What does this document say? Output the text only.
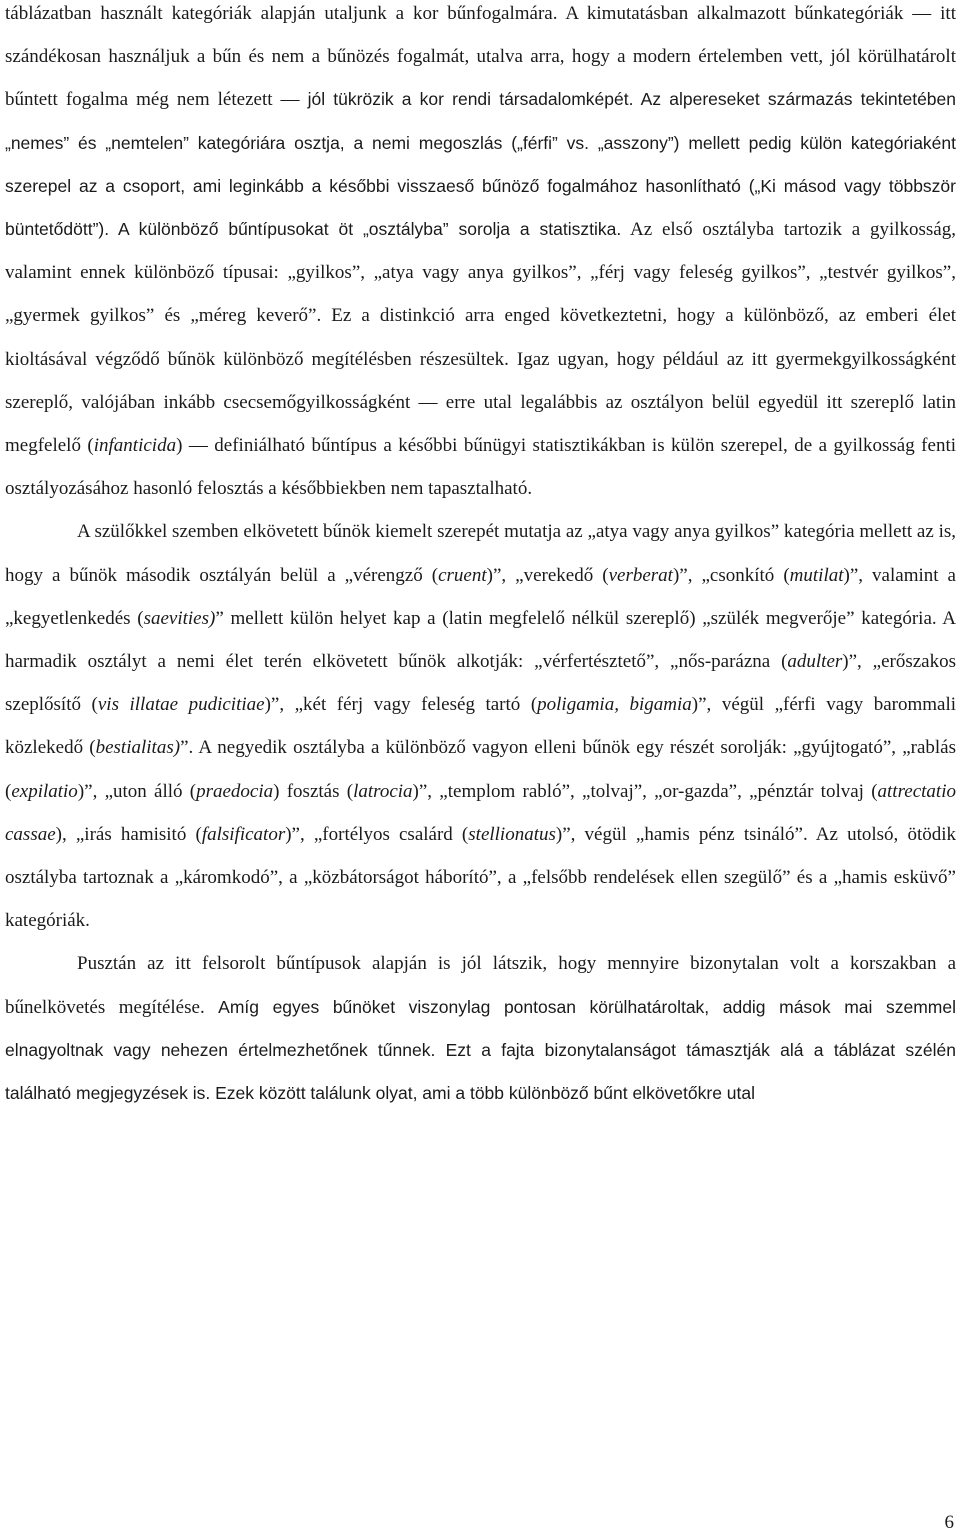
táblázatban használt kategóriák alapján utaljunk a kor bűnfogalmára. A kimutatásban alkalmazott bűnkategóriák — itt szándékosan használjuk a bűn és nem a bűnözés fogalmát, utalva arra, hogy a modern értelemben vett, jól körülhatárolt bűntett fogalma még nem létezett — jól tükrözik a kor rendi társadalomképét. Az alpereseket származás tekintetében „nemes” és „nemtelen” kategóriára osztja, a nemi megoszlás („férfi” vs. „asszony”) mellett pedig külön kategóriaként szerepel az a csoport, ami leginkább a későbbi visszaeső bűnöző fogalmához hasonlítható („Ki másod vagy többször büntetődött”). A különböző bűntípusokat öt „osztályba” sorolja a statisztika. Az első osztályba tartozik a gyilkosság, valamint ennek különböző típusai: „gyilkos”, „atya vagy anya gyilkos”, „férj vagy feleség gyilkos”, „testvér gyilkos”, „gyermek gyilkos” és „méreg keverő”. Ez a distinkció arra enged következtetni, hogy a különböző, az emberi élet kioltásával végződő bűnök különböző megítélésben részesültek. Igaz ugyan, hogy például az itt gyermekgyilkosságként szereplő, valójában inkább csecsemőgyilkosságként — erre utal legalábbis az osztályon belül egyedül itt szereplő latin megfelelő (infanticida) — definiálható bűntípus a későbbi bűnügyi statisztikákban is külön szerepel, de a gyilkosság fenti osztályozásához hasonló felosztás a későbbiekben nem tapasztalható.

A szülőkkel szemben elkövetett bűnök kiemelt szerepét mutatja az „atya vagy anya gyilkos” kategória mellett az is, hogy a bűnök második osztályán belül a „vérengző (cruent)”, „verekedő (verberat)”, „csonkító (mutilat)”, valamint a „kegyetlenkedés (saevities)” mellett külön helyet kap a (latin megfelelő nélkül szereplő) „szülék megverője” kategória. A harmadik osztályt a nemi élet terén elkövetett bűnök alkotják: „vérfertésztető”, „nős-parázna (adulter)”, „erőszakos szeplősítő (vis illatae pudicitiae)”, „két férj vagy feleség tartó (poligamia, bigamia)”, végül „férfi vagy barommali közlekedő (bestialitas)”. A negyedik osztályba a különböző vagyon elleni bűnök egy részét sorolják: „gyújtogató”, „rablás (expilatio)”, „uton álló (praedocia) fosztás (latrocia)”, „templom rabló”, „tolvaj”, „or-gazda”, „pénztár tolvaj (attrectatio cassae), „irás hamisitó (falsificator)”, „fortélyos csalárd (stellionatus)”, végül „hamis pénz tsináló”. Az utolsó, ötödik osztályba tartoznak a „káromkodó”, a „közbátorságot háborító”, a „felsőbb rendelések ellen szegülő” és a „hamis esküvő” kategóriák.

Pusztán az itt felsorolt bűntípusok alapján is jól látszik, hogy mennyire bizonytalan volt a korszakban a bűnelkövetés megítélése. Amíg egyes bűnöket viszonylag pontosan körülhatároltak, addig mások mai szemmel elnagyoltnak vagy nehezen értelmezhetőnek tűnnek. Ezt a fajta bizonytalanságot támasztják alá a táblázat szélén található megjegyzések is. Ezek között találunk olyat, ami a több különböző bűnt elkövetőkre utal

6
